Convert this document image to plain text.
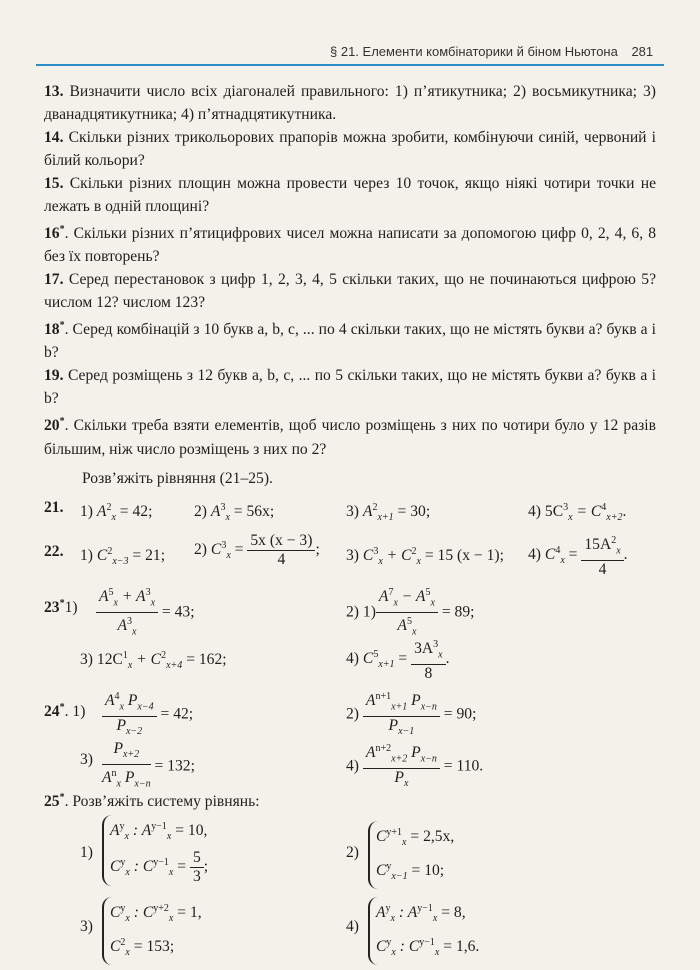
§ 21. Елементи комбінаторики й біном Ньютона 281
13. Визначити число всіх діагоналей правильного: 1) п’ятикутника; 2) восьмикутника; 3) дванадцятикутника; 4) п’ятнадцятикутника.
14. Скільки різних трикольорових прапорів можна зробити, комбінуючи синій, червоний і білий кольори?
15. Скільки різних площин можна провести через 10 точок, якщо ніякі чотири точки не лежать в одній площині?
16*. Скільки різних п’ятицифрових чисел можна написати за допомогою цифр 0, 2, 4, 6, 8 без їх повторень?
17. Серед перестановок з цифр 1, 2, 3, 4, 5 скільки таких, що не починаються цифрою 5? числом 12? числом 123?
18*. Серед комбінацій з 10 букв a, b, c, ... по 4 скільки таких, що не містять букви a? букв a і b?
19. Серед розміщень з 12 букв a, b, c, ... по 5 скільки таких, що не містять букви a? букв a і b?
20*. Скільки треба взяти елементів, щоб число розміщень з них по чотири було у 12 разів більшим, ніж число розміщень з них по 2?
Розв’яжіть рівняння (21–25).
21. 1) $A^2_x = 42$;	2) $A^3_x = 56x$;	3) $A^2_{x+1} = 30$;	4) $5C^3_x = C^4_{x+2}$.
22. 1) $C^2_{x-3} = 21$; 2) $C^3_x = \frac{5x (x - 3)}{4}$ ; 3) $C^3_x + C^2_x = 15$ (x − 1); 4) $C^4_x = \frac{15A^2_x}{4}$ .
$23^*1) \frac{A^5_x + A^3_x}{A^3_x} = 43$;	2) $1) \frac{A^7_x - A^5_x}{A^5_x} = 89$;
3) $12C^1_x + C^2_{x+4} = 162$;	4) $C^5_{x+1} = \frac{3A^3_x}{8}$ .
24*. $1) \frac{A^4_x P_{x-4}}{P_{x-2}} = 42$;	$2) \frac{A^{n+1}_{x+1} P_{x-n}}{P_{x-1}} = 90$;
$3) \frac{P_{x+2}}{A^n_x P_{x-n}} = 132$;	$4) \frac{A^{n+2}_{x+2} P_{x-n}}{P_x} = 110$.
25*. Розв’яжіть систему рівнянь:
1)
$A^y_x$ : $A^{y-1}_x = 10$,
$C^y_x$ : $C^{y-1}_x = \frac{5}{3}$ ;
2)
$C^{y+1}_x = 2,5x$,
$C^y_{x-1} = 10$;
3)
$C^y_x$ : $C^{y+2}_x = 1$,
$C^2_x = 153$;
4)
$A^y_x$ : $A^{y-1}_x = 8$,
$C^y_x$ : $C^{y-1}_x = 1,6$.
